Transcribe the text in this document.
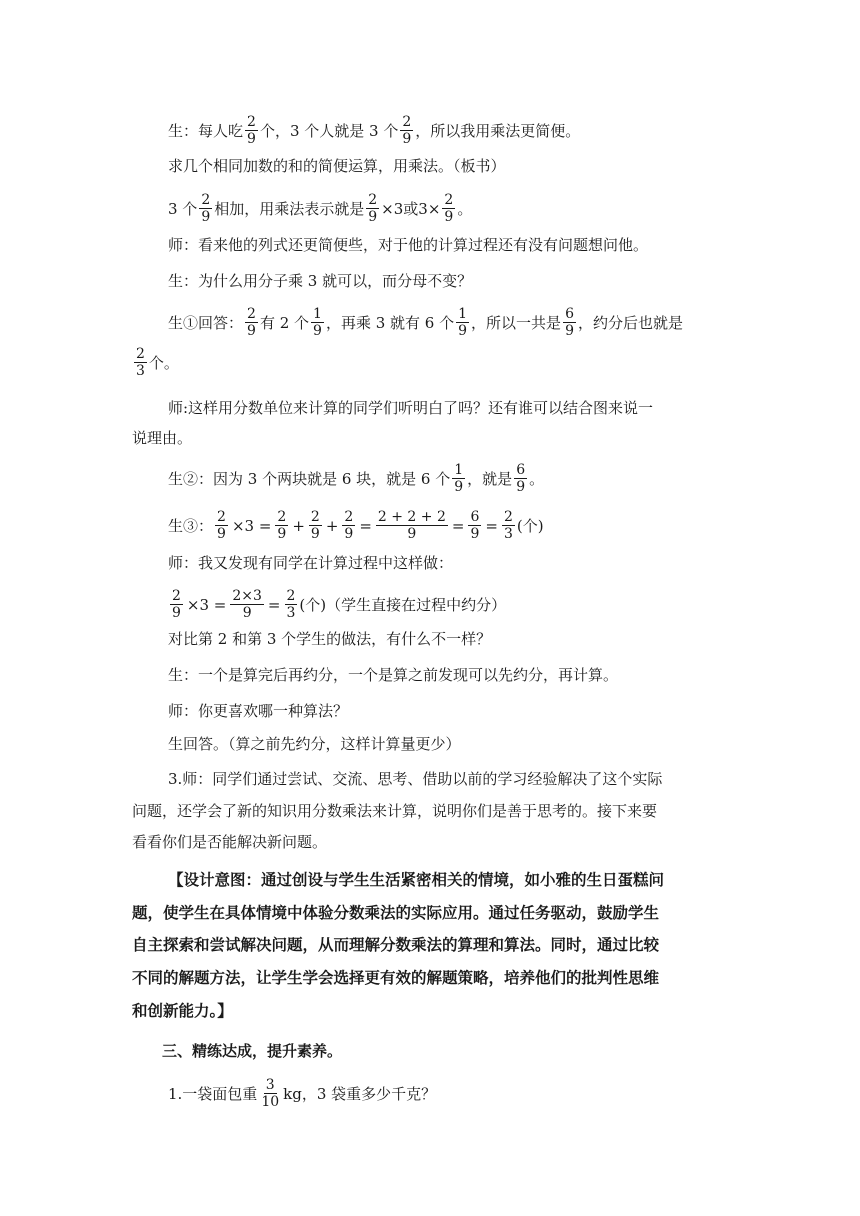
生：每人吃 $\frac{2}{9}$ 个，3 个人就是 3 个 $\frac{2}{9}$ ，所以我用乘法更简便。
求几个相同加数的和的简便运算，用乘法。（板书）
3 个 $\frac{2}{9}$ 相加，用乘法表示就是 $\frac{2}{9} \times 3$或$3\times \frac{2}{9}$ 。
师：看来他的列式还更简便些，对于他的计算过程还有没有问题想问他。
生：为什么用分子乘 3 就可以，而分母不变？
生①回答： $\frac{2}{9}$ 有 2 个 $\frac{1}{9}$ ，再乘 3 就有 6 个 $\frac{1}{9}$ ，所以一共是 $\frac{6}{9}$ ，约分后也就是
$\frac{2}{3}$ 个。
师:这样用分数单位来计算的同学们听明白了吗？还有谁可以结合图来说一
说理由。
生②：因为 3 个两块就是 6 块，就是 6 个 $\frac{1}{9}$ ，就是 $\frac{6}{9}$ 。
生③： $\frac{2}{9} \times 3 = \frac{2}{9} + \frac{2}{9} + \frac{2}{9} = \frac{2 + 2 + 2}{9} = \frac{6}{9} = \frac{2}{3}$ (个)
师：我又发现有同学在计算过程中这样做：
$\frac{2}{9} \times 3 = \frac{2\times 3}{9} = \frac{2}{3}$ (个)（学生直接在过程中约分）
对比第 2 和第 3 个学生的做法，有什么不一样？
生：一个是算完后再约分，一个是算之前发现可以先约分，再计算。
师：你更喜欢哪一种算法？
生回答。（算之前先约分，这样计算量更少）
3.师：同学们通过尝试、交流、思考、借助以前的学习经验解决了这个实际
问题，还学会了新的知识用分数乘法来计算，说明你们是善于思考的。接下来要
看看你们是否能解决新问题。
【设计意图：通过创设与学生生活紧密相关的情境，如小雅的生日蛋糕问
题，使学生在具体情境中体验分数乘法的实际应用。通过任务驱动，鼓励学生
自主探索和尝试解决问题，从而理解分数乘法的算理和算法。同时，通过比较
不同的解题方法，让学生学会选择更有效的解题策略，培养他们的批判性思维
和创新能力。】
三、精练达成，提升素养。
1.一袋面包重 $\frac{3}{10}$ kg，3 袋重多少千克？
